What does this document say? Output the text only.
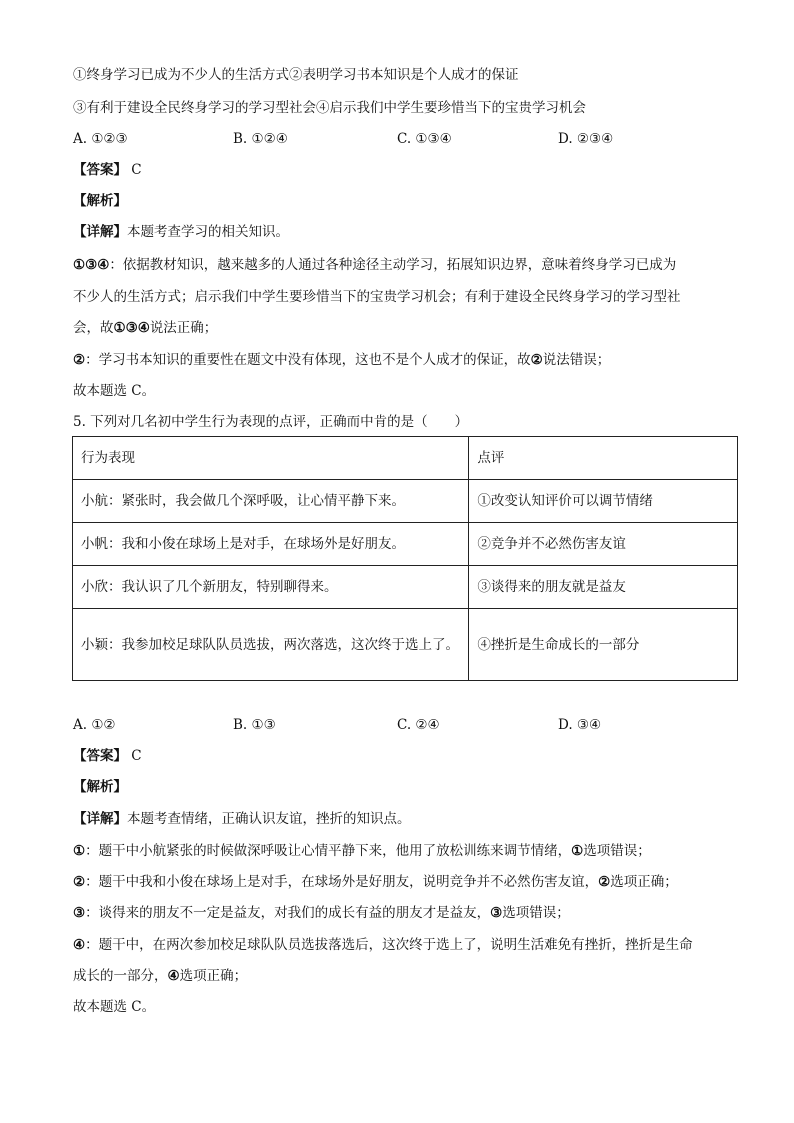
①终身学习已成为不少人的生活方式②表明学习书本知识是个人成才的保证
③有利于建设全民终身学习的学习型社会④启示我们中学生要珍惜当下的宝贵学习机会
A. ①②③	B. ①②④	C. ①③④	D. ②③④
【答案】 C
【解析】
【详解】本题考查学习的相关知识。
①③④：依据教材知识，越来越多的人通过各种途径主动学习，拓展知识边界，意味着终身学习已成为
不少人的生活方式；启示我们中学生要珍惜当下的宝贵学习机会；有利于建设全民终身学习的学习型社
会，故①③④说法正确；
②：学习书本知识的重要性在题文中没有体现，这也不是个人成才的保证，故②说法错误；
故本题选 C。
5. 下列对几名初中学生行为表现的点评，正确而中肯的是（　　）
行为表现	点评
小航：紧张时，我会做几个深呼吸，让心情平静下来。	①改变认知评价可以调节情绪
小帆：我和小俊在球场上是对手，在球场外是好朋友。	②竞争并不必然伤害友谊
小欣：我认识了几个新朋友，特别聊得来。	③谈得来的朋友就是益友
小颖：我参加校足球队队员选拔，两次落选，这次终于选上了。	④挫折是生命成长的一部分
A. ①②	B. ①③	C. ②④	D. ③④
【答案】 C
【解析】
【详解】本题考查情绪，正确认识友谊，挫折的知识点。
①：题干中小航紧张的时候做深呼吸让心情平静下来，他用了放松训练来调节情绪，①选项错误；
②：题干中我和小俊在球场上是对手，在球场外是好朋友，说明竞争并不必然伤害友谊，②选项正确；
③：谈得来的朋友不一定是益友，对我们的成长有益的朋友才是益友，③选项错误；
④：题干中，在两次参加校足球队队员选拔落选后，这次终于选上了，说明生活难免有挫折，挫折是生命
成长的一部分，④选项正确；
故本题选 C。
